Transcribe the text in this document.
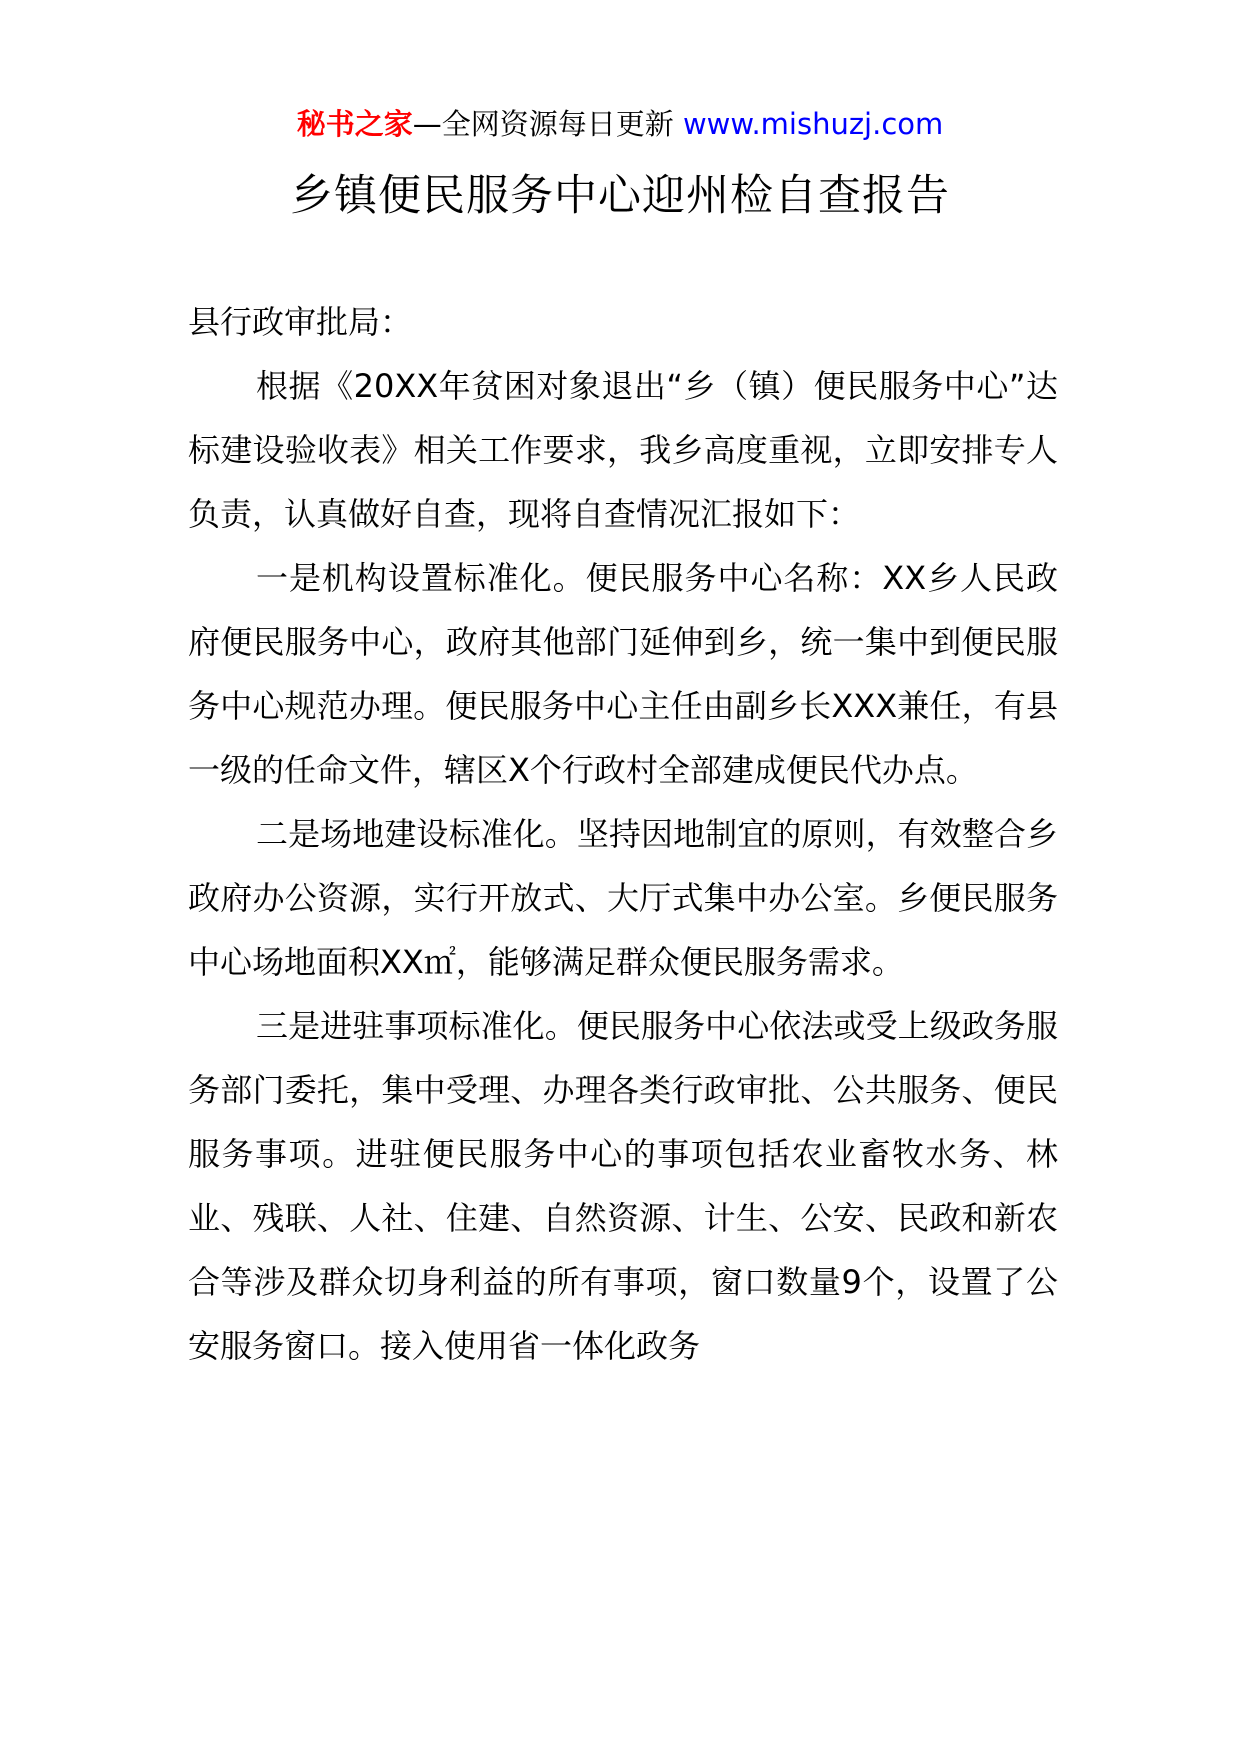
秘书之家—全网资源每日更新 www.mishuzj.com
乡镇便民服务中心迎州检自查报告

县行政审批局：

根据《20XX年贫困对象退出“乡（镇）便民服务中心”达标建设验收表》相关工作要求，我乡高度重视，立即安排专人负责，认真做好自查，现将自查情况汇报如下：

一是机构设置标准化。便民服务中心名称：XX乡人民政府便民服务中心，政府其他部门延伸到乡，统一集中到便民服务中心规范办理。便民服务中心主任由副乡长XXX兼任，有县一级的任命文件，辖区X个行政村全部建成便民代办点。

二是场地建设标准化。坚持因地制宜的原则，有效整合乡政府办公资源，实行开放式、大厅式集中办公室。乡便民服务中心场地面积XX㎡，能够满足群众便民服务需求。

三是进驻事项标准化。便民服务中心依法或受上级政务服务部门委托，集中受理、办理各类行政审批、公共服务、便民服务事项。进驻便民服务中心的事项包括农业畜牧水务、林业、残联、人社、住建、自然资源、计生、公安、民政和新农合等涉及群众切身利益的所有事项，窗口数量9个，设置了公安服务窗口。接入使用省一体化政务
